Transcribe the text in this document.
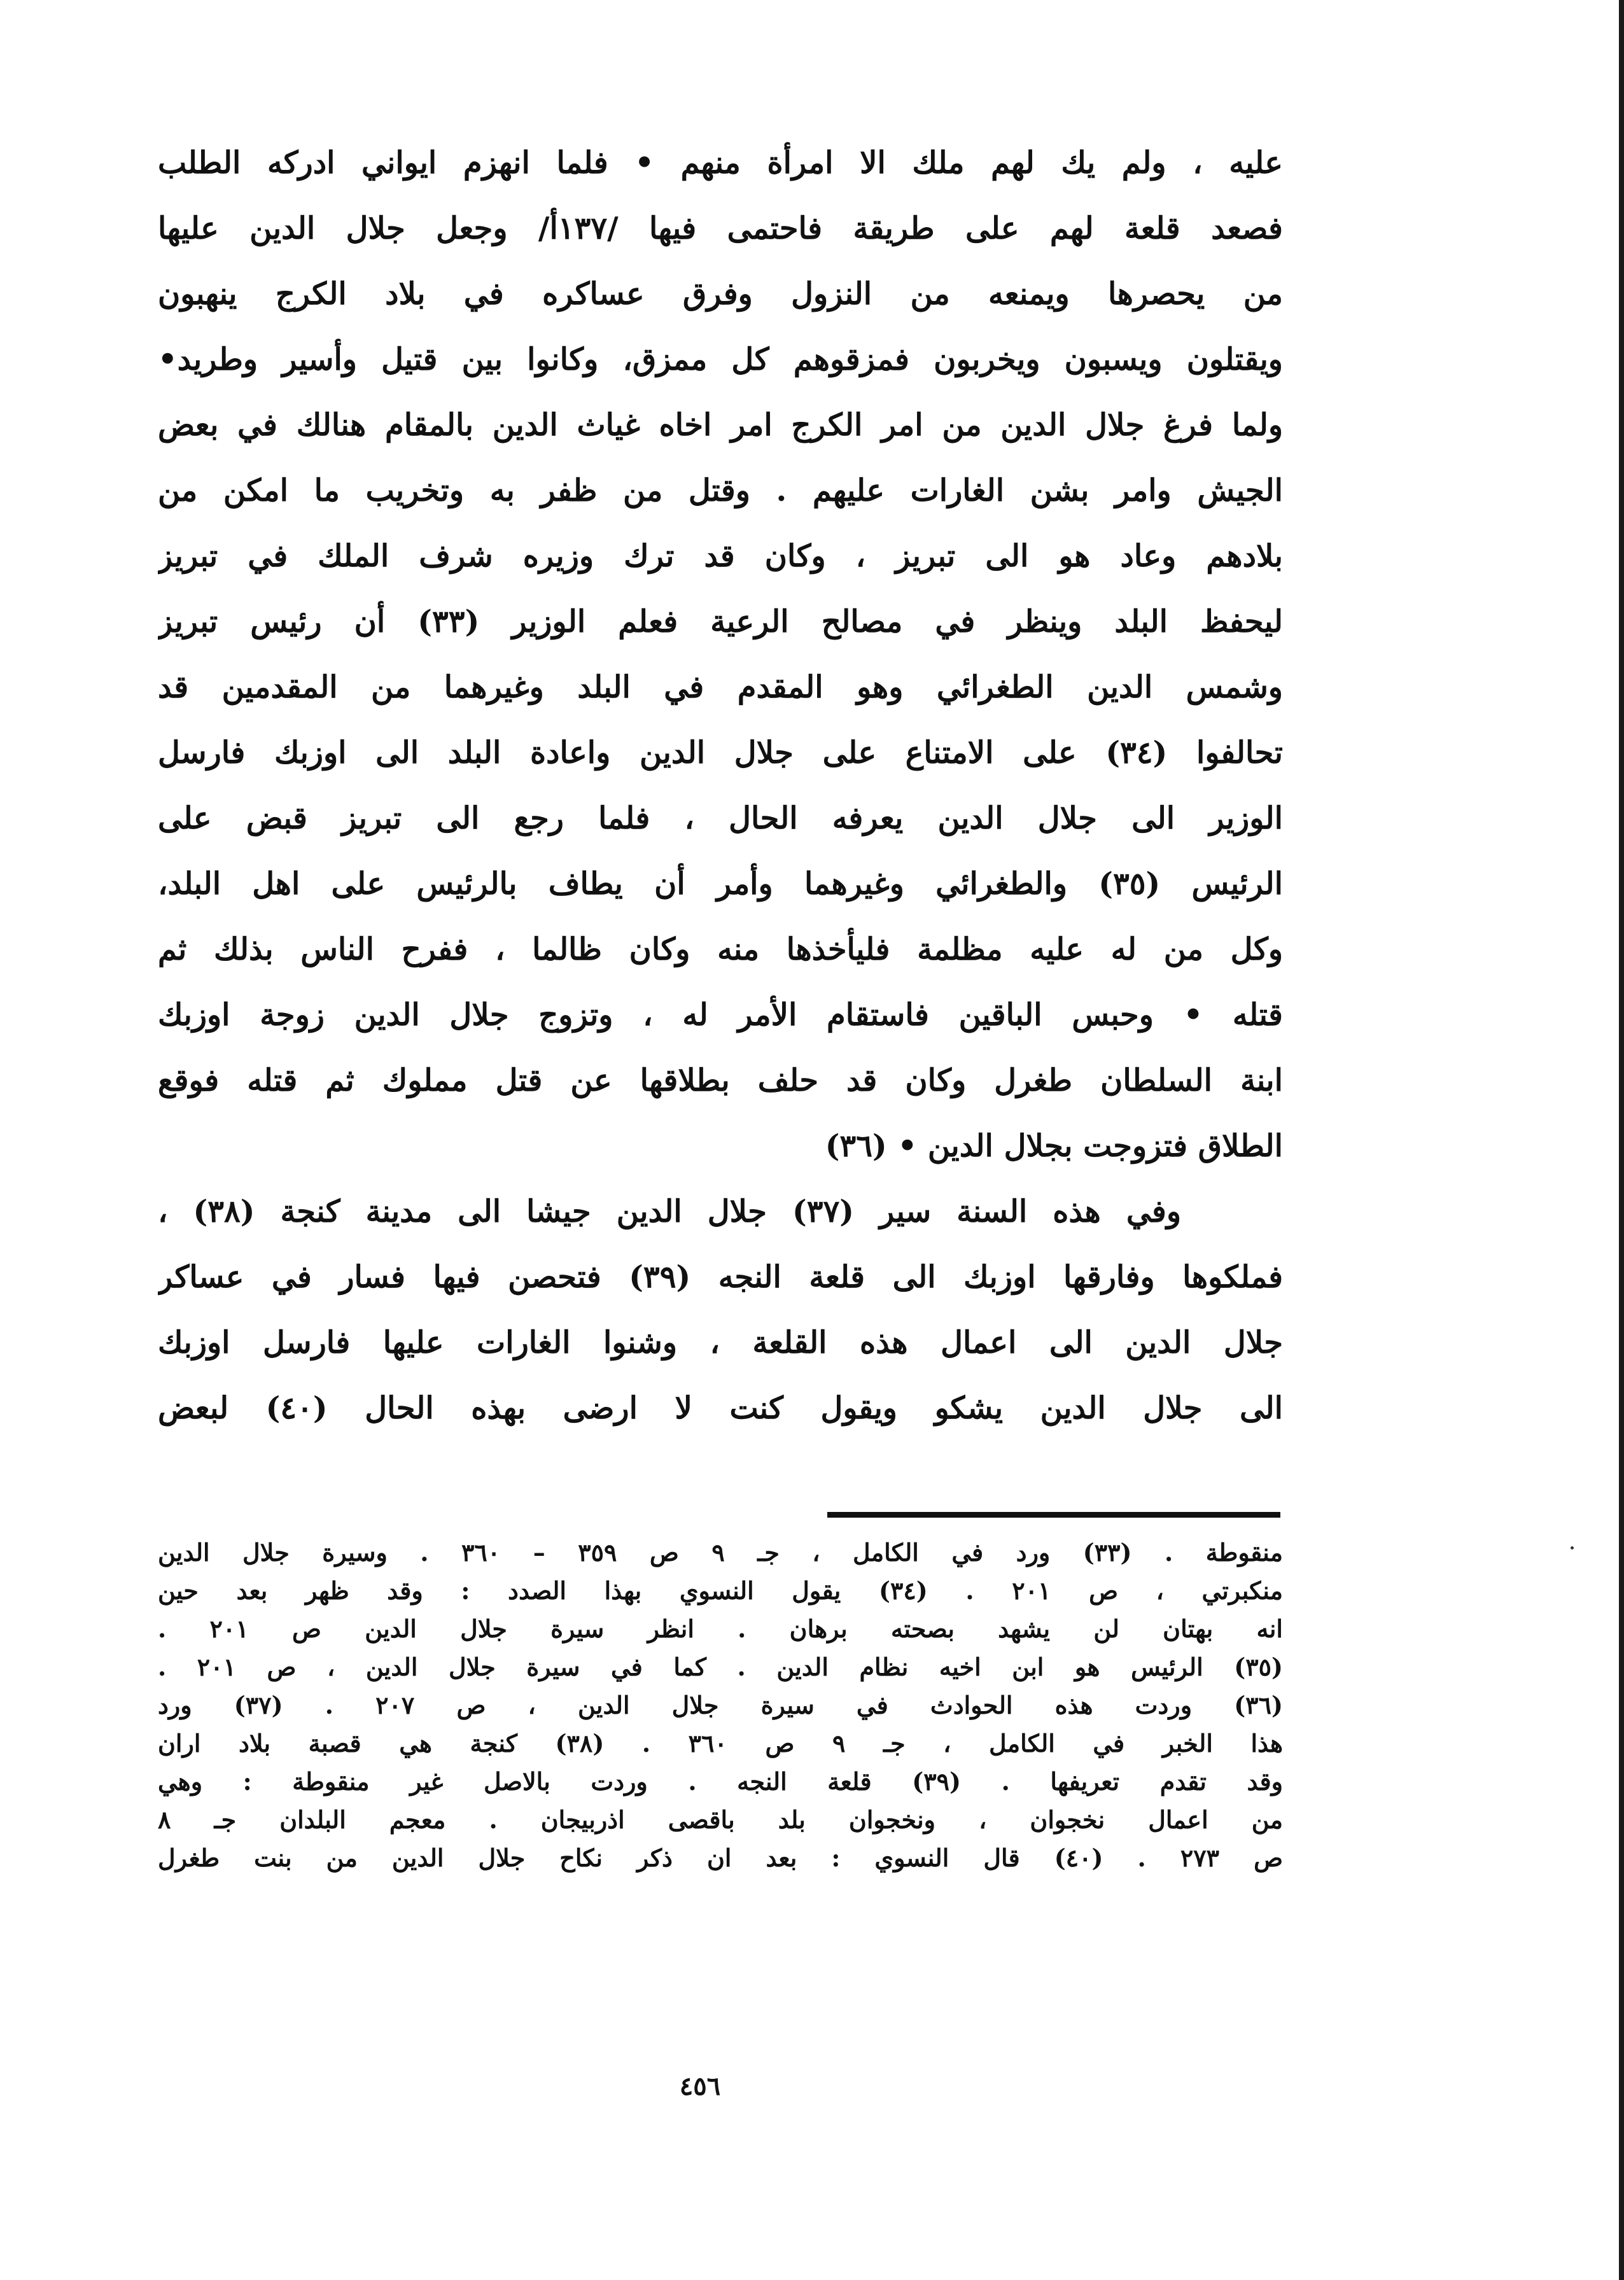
عليه ، ولم يك لهم ملك الا امرأة منهم • فلما انهزم ايواني ادركه الطلب
فصعد قلعة لهم على طريقة فاحتمى فيها /١٣٧أ/ وجعل جلال الدين عليها
من يحصرها ويمنعه من النزول وفرق عساكره في بلاد الكرج ينهبون
ويقتلون ويسبون ويخربون فمزقوهم كل ممزق، وكانوا بين قتيل وأسير وطريد•
ولما فرغ جلال الدين من امر الكرج امر اخاه غياث الدين بالمقام هنالك في بعض
الجيش وامر بشن الغارات عليهم . وقتل من ظفر به وتخريب ما امكن من
بلادهم وعاد هو الى تبريز ، وكان قد ترك وزيره شرف الملك في تبريز
ليحفظ البلد وينظر في مصالح الرعية فعلم الوزير (٣٣) أن رئيس تبريز
وشمس الدين الطغرائي وهو المقدم في البلد وغيرهما من المقدمين قد
تحالفوا (٣٤) على الامتناع على جلال الدين واعادة البلد الى اوزبك فارسل
الوزير الى جلال الدين يعرفه الحال ، فلما رجع الى تبريز قبض على
الرئيس (٣٥) والطغرائي وغيرهما وأمر أن يطاف بالرئيس على اهل البلد،
وكل من له عليه مظلمة فليأخذها منه وكان ظالما ، ففرح الناس بذلك ثم
قتله • وحبس الباقين فاستقام الأمر له ، وتزوج جلال الدين زوجة اوزبك
ابنة السلطان طغرل وكان قد حلف بطلاقها عن قتل مملوك ثم قتله فوقع
الطلاق فتزوجت بجلال الدين • (٣٦)
وفي هذه السنة سير (٣٧) جلال الدين جيشا الى مدينة كنجة (٣٨) ،
فملكوها وفارقها اوزبك الى قلعة النجه (٣٩) فتحصن فيها فسار في عساكر
جلال الدين الى اعمال هذه القلعة ، وشنوا الغارات عليها فارسل اوزبك
الى جلال الدين يشكو ويقول كنت لا ارضى بهذه الحال (٤٠) لبعض
منقوطة . (٣٣) ورد في الكامل ، جـ ٩ ص ٣٥٩ – ٣٦٠ . وسيرة جلال الدين
منكبرتي ، ص ٢٠١ . (٣٤) يقول النسوي بهذا الصدد : وقد ظهر بعد حين
انه بهتان لن يشهد بصحته برهان . انظر سيرة جلال الدين ص ٢٠١ .
(٣٥) الرئيس هو ابن اخيه نظام الدين . كما في سيرة جلال الدين ، ص ٢٠١ .
(٣٦) وردت هذه الحوادث في سيرة جلال الدين ، ص ٢٠٧ . (٣٧) ورد
هذا الخبر في الكامل ، جـ ٩ ص ٣٦٠ . (٣٨) كنجة هي قصبة بلاد اران
وقد تقدم تعريفها . (٣٩) قلعة النجه . وردت بالاصل غير منقوطة : وهي
من اعمال نخجوان ، ونخجوان بلد باقصى اذربيجان . معجم البلدان جـ ٨
ص ٢٧٣ . (٤٠) قال النسوي : بعد ان ذكر نكاح جلال الدين من بنت طغرل
٤٥٦
